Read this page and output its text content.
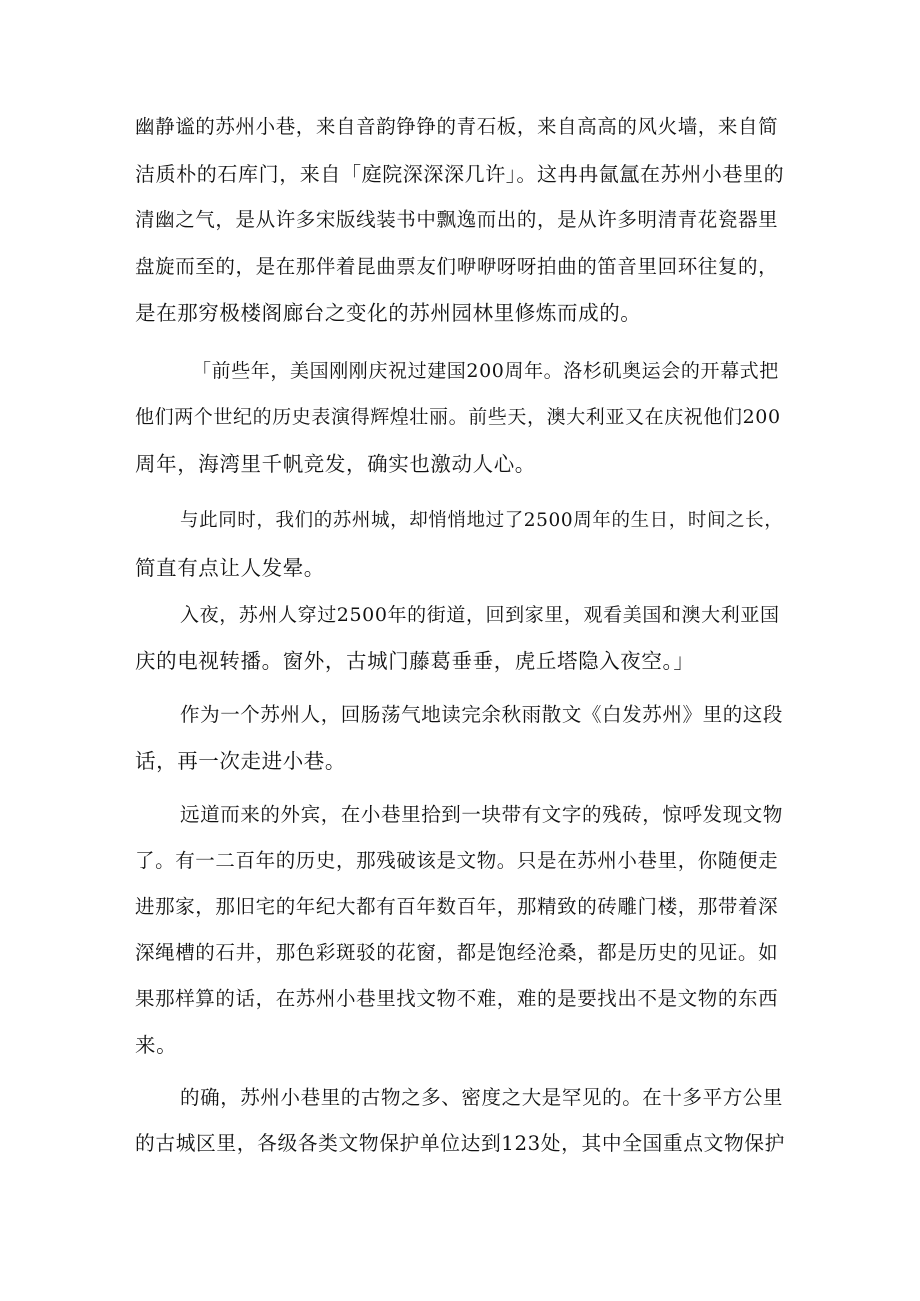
幽静谧的苏州小巷，来自音韵铮铮的青石板，来自高高的风火墙，来自简
洁质朴的石库门，来自「庭院深深深几许」。这冉冉氤氲在苏州小巷里的
清幽之气，是从许多宋版线装书中飘逸而出的，是从许多明清青花瓷器里
盘旋而至的，是在那伴着昆曲票友们咿咿呀呀拍曲的笛音里回环往复的，
是在那穷极楼阁廊台之变化的苏州园林里修炼而成的。
「前些年，美国刚刚庆祝过建国200周年。洛杉矶奥运会的开幕式把
他们两个世纪的历史表演得辉煌壮丽。前些天，澳大利亚又在庆祝他们200
周年，海湾里千帆竞发，确实也激动人心。
与此同时，我们的苏州城，却悄悄地过了2500周年的生日，时间之长，
简直有点让人发晕。
入夜，苏州人穿过2500年的街道，回到家里，观看美国和澳大利亚国
庆的电视转播。窗外，古城门藤葛垂垂，虎丘塔隐入夜空。」
作为一个苏州人，回肠荡气地读完余秋雨散文《白发苏州》里的这段
话，再一次走进小巷。
远道而来的外宾，在小巷里拾到一块带有文字的残砖，惊呼发现文物
了。有一二百年的历史，那残破该是文物。只是在苏州小巷里，你随便走
进那家，那旧宅的年纪大都有百年数百年，那精致的砖雕门楼，那带着深
深绳槽的石井，那色彩斑驳的花窗，都是饱经沧桑，都是历史的见证。如
果那样算的话，在苏州小巷里找文物不难，难的是要找出不是文物的东西
来。
的确，苏州小巷里的古物之多、密度之大是罕见的。在十多平方公里
的古城区里，各级各类文物保护单位达到123处，其中全国重点文物保护
